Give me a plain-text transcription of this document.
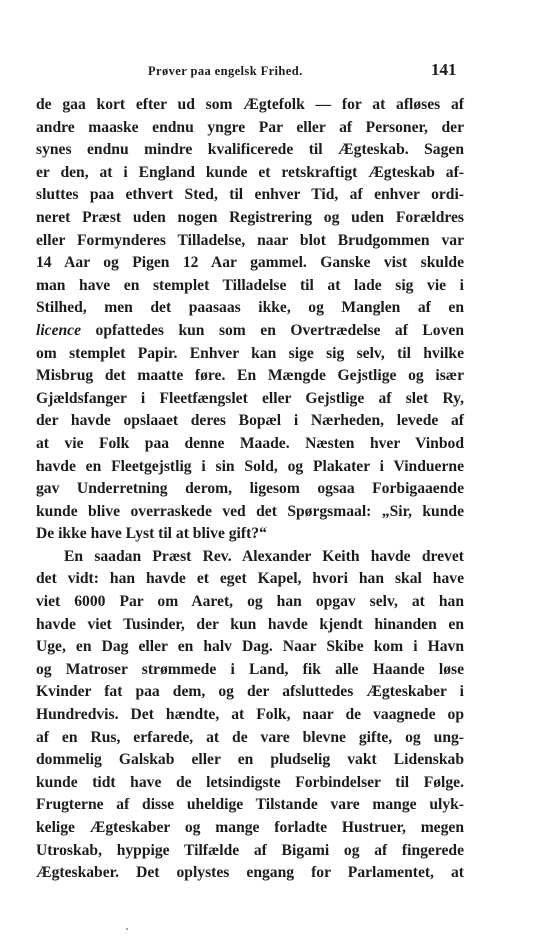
Prøver paa engelsk Frihed.	141
de gaa kort efter ud som Ægtefolk — for at afløses af
andre maaske endnu yngre Par eller af Personer, der
synes endnu mindre kvalificerede til Ægteskab. Sagen
er den, at i England kunde et retskraftigt Ægteskab af-
sluttes paa ethvert Sted, til enhver Tid, af enhver ordi-
neret Præst uden nogen Registrering og uden Forældres
eller Formynderes Tilladelse, naar blot Brudgommen var
14 Aar og Pigen 12 Aar gammel. Ganske vist skulde
man have en stemplet Tilladelse til at lade sig vie i
Stilhed, men det paasaas ikke, og Manglen af en
licence opfattedes kun som en Overtrædelse af Loven
om stemplet Papir. Enhver kan sige sig selv, til hvilke
Misbrug det maatte føre. En Mængde Gejstlige og især
Gjældsfanger i Fleetfængslet eller Gejstlige af slet Ry,
der havde opslaaet deres Bopæl i Nærheden, levede af
at vie Folk paa denne Maade. Næsten hver Vinbod
havde en Fleetgejstlig i sin Sold, og Plakater i Vinduerne
gav Underretning derom, ligesom ogsaa Forbigaaende
kunde blive overraskede ved det Spørgsmaal: „Sir, kunde
De ikke have Lyst til at blive gift?“
En saadan Præst Rev. Alexander Keith havde drevet
det vidt: han havde et eget Kapel, hvori han skal have
viet 6000 Par om Aaret, og han opgav selv, at han
havde viet Tusinder, der kun havde kjendt hinanden en
Uge, en Dag eller en halv Dag. Naar Skibe kom i Havn
og Matroser strømmede i Land, fik alle Haande løse
Kvinder fat paa dem, og der afsluttedes Ægteskaber i
Hundredvis. Det hændte, at Folk, naar de vaagnede op
af en Rus, erfarede, at de vare blevne gifte, og ung-
dommelig Galskab eller en pludselig vakt Lidenskab
kunde tidt have de letsindigste Forbindelser til Følge.
Frugterne af disse uheldige Tilstande vare mange ulyk-
kelige Ægteskaber og mange forladte Hustruer, megen
Utroskab, hyppige Tilfælde af Bigami og af fingerede
Ægteskaber. Det oplystes engang for Parlamentet, at
